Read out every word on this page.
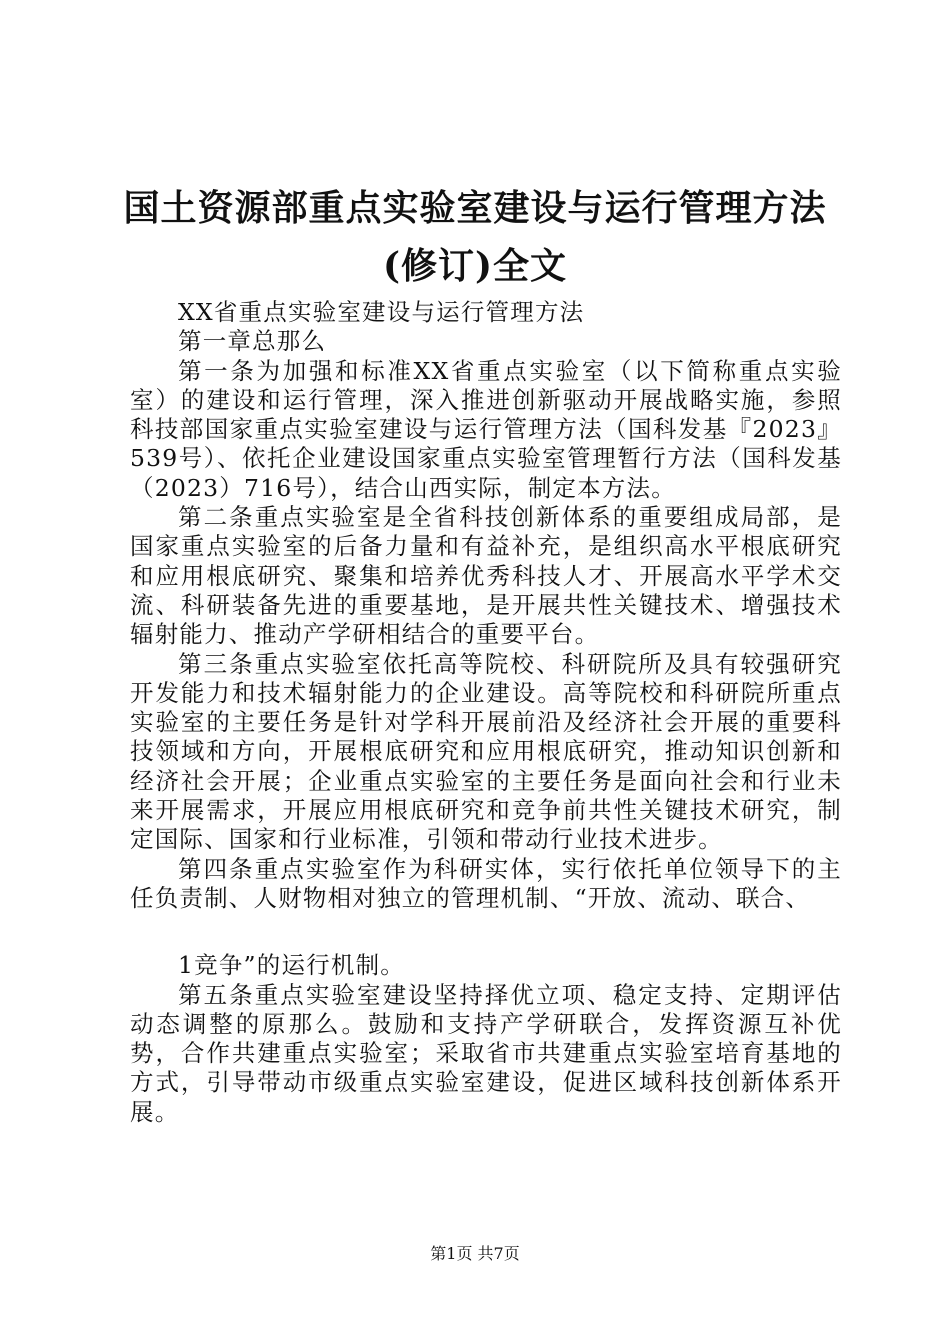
国土资源部重点实验室建设与运行管理方法
(修订)全文

XX省重点实验室建设与运行管理方法

第一章总那么

第一条为加强和标准XX省重点实验室（以下简称重点实验室）的建设和运行管理，深入推进创新驱动开展战略实施，参照科技部国家重点实验室建设与运行管理方法（国科发基『2023』539号）、依托企业建设国家重点实验室管理暂行方法（国科发基（2023）716号），结合山西实际，制定本方法。

第二条重点实验室是全省科技创新体系的重要组成局部，是国家重点实验室的后备力量和有益补充，是组织高水平根底研究和应用根底研究、聚集和培养优秀科技人才、开展高水平学术交流、科研装备先进的重要基地，是开展共性关键技术、增强技术辐射能力、推动产学研相结合的重要平台。

第三条重点实验室依托高等院校、科研院所及具有较强研究开发能力和技术辐射能力的企业建设。高等院校和科研院所重点实验室的主要任务是针对学科开展前沿及经济社会开展的重要科技领域和方向，开展根底研究和应用根底研究，推动知识创新和经济社会开展；企业重点实验室的主要任务是面向社会和行业未来开展需求，开展应用根底研究和竞争前共性关键技术研究，制定国际、国家和行业标准，引领和带动行业技术进步。

第四条重点实验室作为科研实体，实行依托单位领导下的主任负责制、人财物相对独立的管理机制、“开放、流动、联合、

1竞争”的运行机制。

第五条重点实验室建设坚持择优立项、稳定支持、定期评估动态调整的原那么。鼓励和支持产学研联合，发挥资源互补优势，合作共建重点实验室；采取省市共建重点实验室培育基地的方式，引导带动市级重点实验室建设，促进区域科技创新体系开展。

第1页 共7页
